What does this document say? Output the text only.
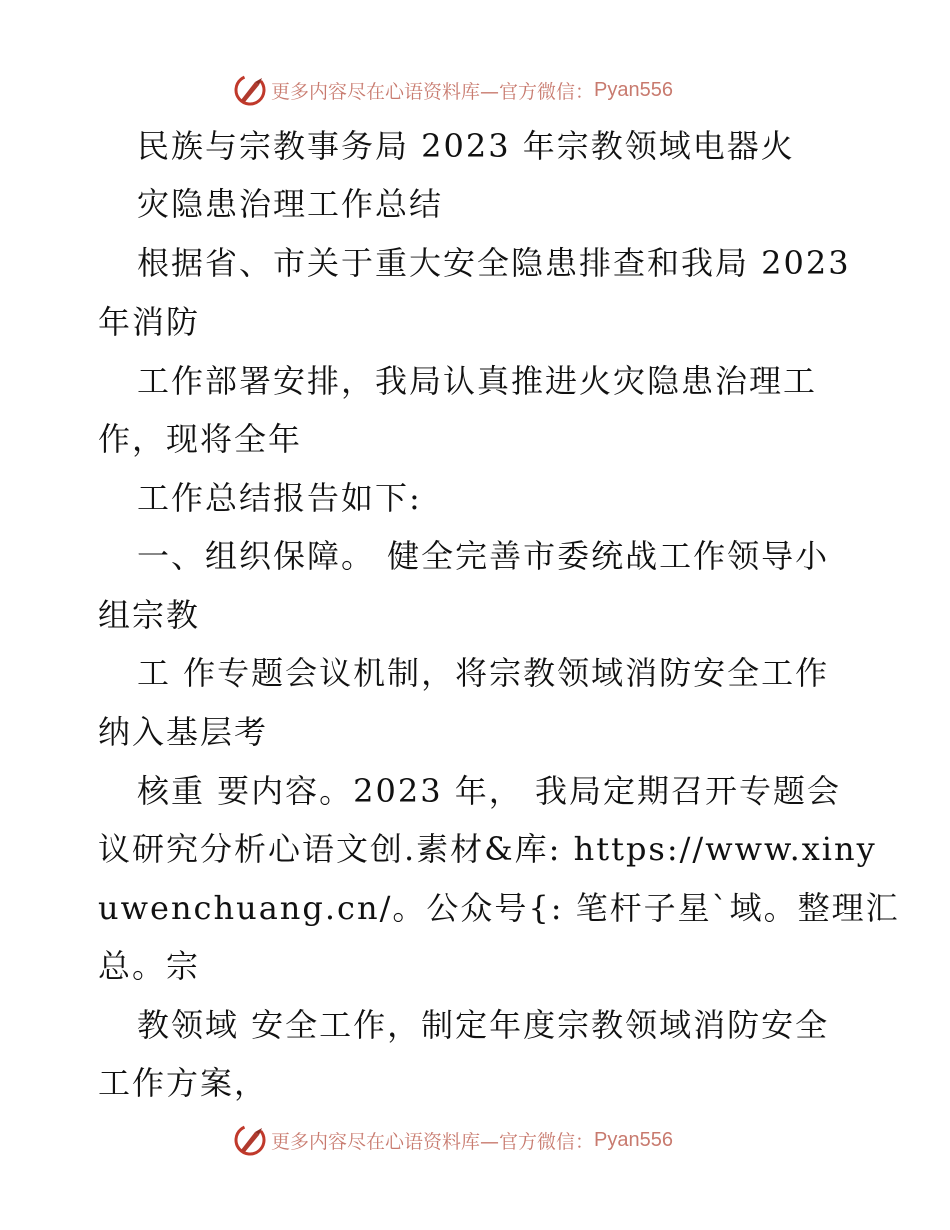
更多内容尽在心语资料库—官方微信： Pyan556
民族与宗教事务局 2023 年宗教领域电器火
灾隐患治理工作总结
根据省、市关于重大安全隐患排查和我局 2023
年消防
工作部署安排，我局认真推进火灾隐患治理工
作，现将全年
工作总结报告如下:
一、组织保障。 健全完善市委统战工作领导小
组宗教
工 作专题会议机制，将宗教领域消防安全工作
纳入基层考
核重 要内容。2023 年， 我局定期召开专题会
议研究分析心语文创.素材&库: https://www.xiny
uwenchuang.cn/。公众号{: 笔杆子星`域。整理汇
总。宗
教领域 安全工作，制定年度宗教领域消防安全
工作方案，
更多内容尽在心语资料库—官方微信： Pyan556
